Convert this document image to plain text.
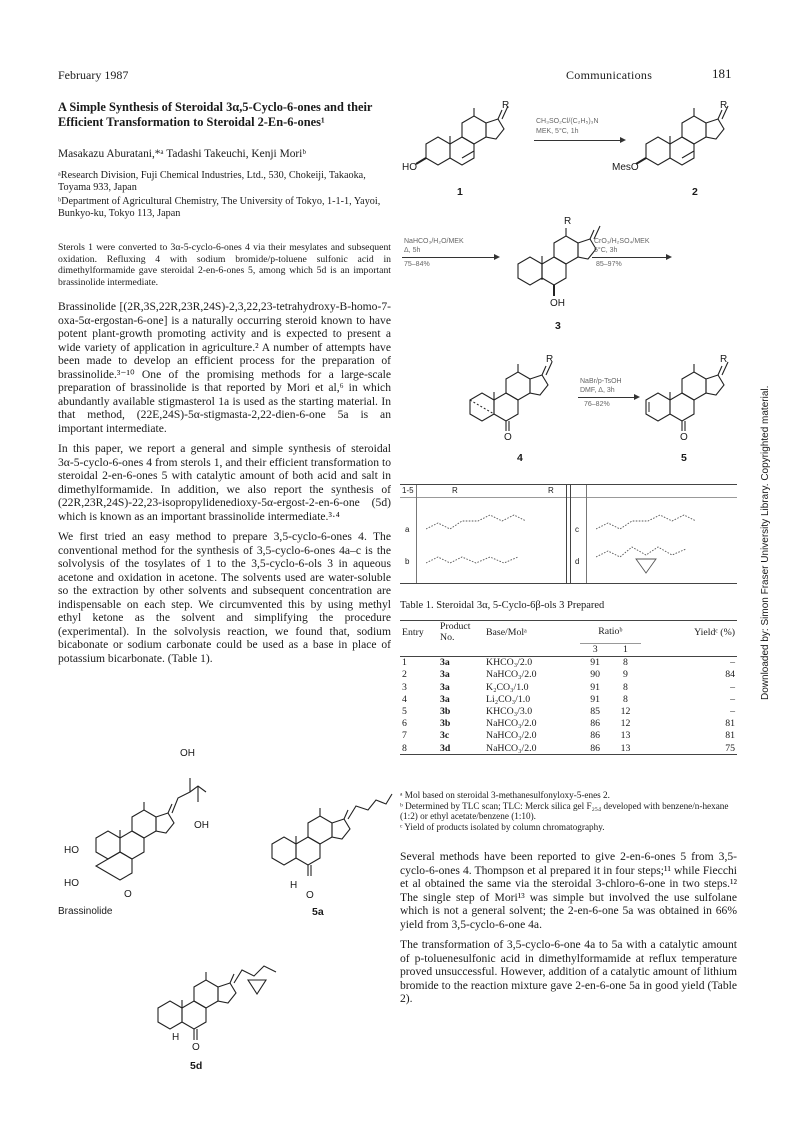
February 1987	Communications	181
A Simple Synthesis of Steroidal 3α,5-Cyclo-6-ones and their Efficient Transformation to Steroidal 2-En-6-ones¹
Masakazu Aburatani,*ᵃ Tadashi Takeuchi, Kenji Moriᵇ
ᵃResearch Division, Fuji Chemical Industries, Ltd., 530, Chokeiji, Takaoka, Toyama 933, Japan
ᵇDepartment of Agricultural Chemistry, The University of Tokyo, 1-1-1, Yayoi, Bunkyo-ku, Tokyo 113, Japan
Sterols 1 were converted to 3α-5-cyclo-6-ones 4 via their mesylates and subsequent oxidation. Refluxing 4 with sodium bromide/p-toluene sulfonic acid in dimethylformamide gave steroidal 2-en-6-ones 5, among which 5d is an important brassinolide intermediate.

Brassinolide [(2R,3S,22R,23R,24S)-2,3,22,23-tetrahydroxy-B-homo-7-oxa-5α-ergostan-6-one] is a naturally occurring steroid known to have potent plant-growth promoting activity and is expected to present a wide variety of application in agriculture.² A number of attempts have been made to develop an efficient process for the preparation of brassinolide.³⁻¹⁰ One of the promising methods for a large-scale preparation of brassinolide is that reported by Mori et al,⁶ in which abundantly available stigmasterol 1a is used as the starting material. In that method, (22E,24S)-5α-stigmasta-2,22-dien-6-one 5a is an important intermediate.

In this paper, we report a general and simple synthesis of steroidal 3α-5-cyclo-6-ones 4 from sterols 1, and their efficient transformation to steroidal 2-en-6-ones 5 with catalytic amount of both acid and salt in dimethylformamide. In addition, we also report the synthesis of (22R,23R,24S)-22,23-isopropylidenedioxy-5α-ergost-2-en-6-one (5d) which is known as an important brassinolide intermediate.³·⁴

We first tried an easy method to prepare 3,5-cyclo-6-ones 4. The conventional method for the synthesis of 3,5-cyclo-6-ones 4a–c is the solvolysis of the tosylates of 1 to the 3,5-cyclo-6-ols 3 in aqueous acetone and oxidation in acetone. The solvents used are water-soluble so the extraction by other solvents and subsequent concentration are indispensable on each step. We circumvented this by using methyl ethyl ketone as the solvent and simplifying the procedure (experimental). In the solvolysis reaction, we found that, sodium bicabonate or sodium carbonate could be used as a base in place of potassium bicarbonate. (Table 1).

R
HO
1
CH₃SO₂Cl/(C₂H₅)₃N
MEK, 5°C, 1h
R
MesO
2
NaHCO₃/H₂O/MEK
Δ, 5h
75–84%
R
OH
3
CrO₃/H₂SO₄/MEK
5°C, 3h
85–97%
R
O
4
NaBr/p-TsOH
DMF, Δ, 3h
76–82%
R
O
5
1-5	R	R
a
b
c
d
Table 1. Steroidal 3α, 5-Cyclo-6β-ols 3 Prepared
Entry	Product No.	Base/Molᵃ	Ratioᵇ		Yieldᶜ (%)
			3	1	
1	3a	KHCO₃/2.0	91	8	–
2	3a	NaHCO₃/2.0	90	9	84
3	3a	K₂CO₃/1.0	91	8	–
4	3a	Li₂CO₃/1.0	91	8	–
5	3b	KHCO₃/3.0	85	12	–
6	3b	NaHCO₃/2.0	86	12	81
7	3c	NaHCO₃/2.0	86	13	81
8	3d	NaHCO₃/2.0	86	13	75
ᵃ Mol based on steroidal 3-methanesulfonyloxy-5-enes 2.
ᵇ Determined by TLC scan; TLC: Merck silica gel F₂₅₄ developed with benzene/n-hexane (1:2) or ethyl acetate/benzene (1:10).
ᶜ Yield of products isolated by column chromatography.

Several methods have been reported to give 2-en-6-ones 5 from 3,5-cyclo-6-ones 4. Thompson et al prepared it in four steps;¹¹ while Fiecchi et al obtained the same via the steroidal 3-chloro-6-one in two steps.¹² The single step of Mori¹³ was simple but involved the use sulfolane which is not a general solvent; the 2-en-6-one 5a was obtained in 66% yield from 3,5-cyclo-6-one 4a.

The transformation of 3,5-cyclo-6-one 4a to 5a with a catalytic amount of p-toluenesulfonic acid in dimethylformamide at reflux temperature proved unsuccessful. However, addition of a catalytic amount of lithium bromide to the reaction mixture gave 2-en-6-one 5a in good yield (Table 2).

OH
OH
HO
HO
O
Brassinolide
H
O
5a
H
O
5d
Downloaded by: Simon Fraser University Library. Copyrighted material.
